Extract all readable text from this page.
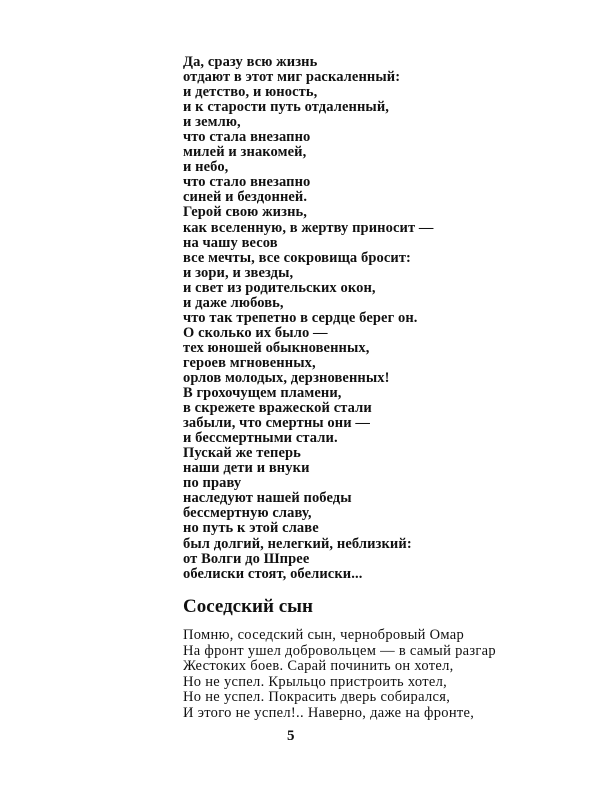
Да, сразу всю жизнь
отдают в этот миг раскаленный:
и детство, и юность,
и к старости путь отдаленный,
и землю,
что стала внезапно
милей и знакомей,
и небо,
что стало внезапно
синей и бездонней.
Герой свою жизнь,
как вселенную, в жертву приносит —
на чашу весов
все мечты, все сокровища бросит:
и зори, и звезды,
и свет из родительских окон,
и даже любовь,
что так трепетно в сердце берег он.
О сколько их было —
тех юношей обыкновенных,
героев мгновенных,
орлов молодых, дерзновенных!
В грохочущем пламени,
в скрежете вражеской стали
забыли, что смертны они —
и бессмертными стали.
Пускай же теперь
наши дети и внуки
по праву
наследуют нашей победы
бессмертную славу,
но путь к этой славе
был долгий, нелегкий, неблизкий:
от Волги до Шпрее
обелиски стоят, обелиски...
Соседский сын
Помню, соседский сын, чернобровый Омар
На фронт ушел добровольцем — в самый разгар
Жестоких боев. Сарай починить он хотел,
Но не успел. Крыльцо пристроить хотел,
Но не успел. Покрасить дверь собирался,
И этого не успел!.. Наверно, даже на фронте,
5
